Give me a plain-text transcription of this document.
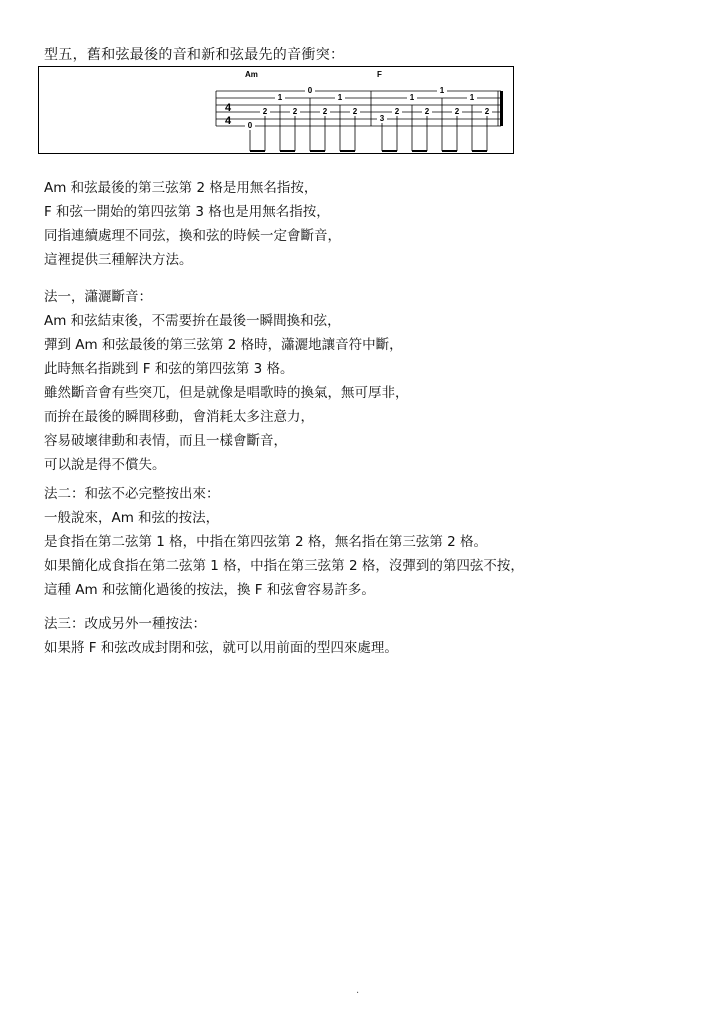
型五，舊和弦最後的音和新和弦最先的音衝突：
Am	F
4
4 0
2
1
2
0
2
1
2
3
2
1
2
1
2
1
2
Am 和弦最後的第三弦第 2 格是用無名指按，
F 和弦一開始的第四弦第 3 格也是用無名指按，
同指連續處理不同弦，換和弦的時候一定會斷音，
這裡提供三種解決方法。
法一，瀟灑斷音：
Am 和弦結束後，不需要拚在最後一瞬間換和弦，
彈到 Am 和弦最後的第三弦第 2 格時，瀟灑地讓音符中斷，
此時無名指跳到 F 和弦的第四弦第 3 格。
雖然斷音會有些突兀，但是就像是唱歌時的換氣，無可厚非，
而拚在最後的瞬間移動，會消耗太多注意力，
容易破壞律動和表情，而且一樣會斷音，
可以說是得不償失。
法二：和弦不必完整按出來：
一般說來，Am 和弦的按法，
是食指在第二弦第 1 格，中指在第四弦第 2 格，無名指在第三弦第 2 格。
如果簡化成食指在第二弦第 1 格，中指在第三弦第 2 格，沒彈到的第四弦不按，
這種 Am 和弦簡化過後的按法，換 F 和弦會容易許多。
法三：改成另外一種按法：
如果將 F 和弦改成封閉和弦，就可以用前面的型四來處理。
.
